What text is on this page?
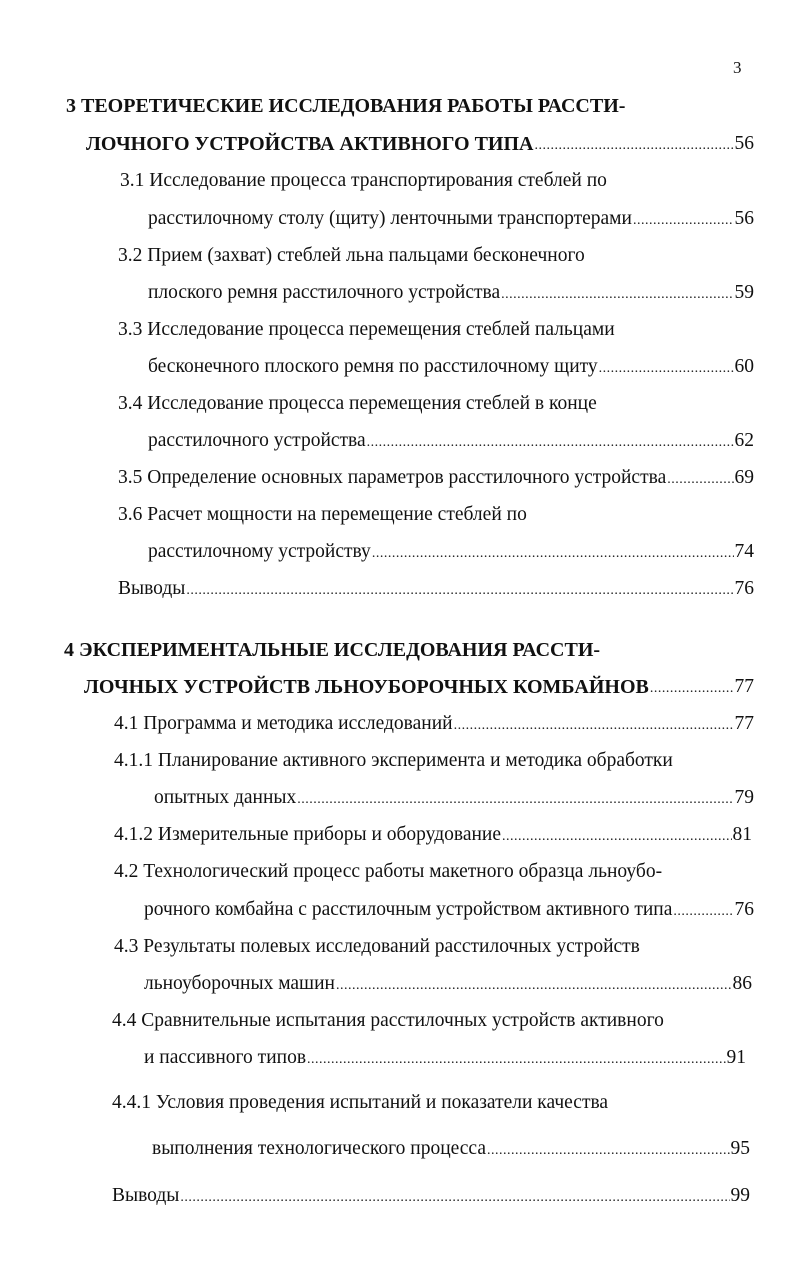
3
3 ТЕОРЕТИЧЕСКИЕ ИССЛЕДОВАНИЯ РАБОТЫ РАССТИ-
ЛОЧНОГО УСТРОЙСТВА АКТИВНОГО ТИПА .....	56
3.1 Исследование процесса транспортирования стеблей по
расстилочному столу (щиту) ленточными транспортерами .....	56
3.2 Прием (захват) стеблей льна пальцами бесконечного
плоского ремня расстилочного устройства .....	59
3.3 Исследование процесса перемещения стеблей пальцами
бесконечного плоского ремня по расстилочному щиту .....	60
3.4 Исследование процесса перемещения стеблей в конце
расстилочного устройства .....	62
3.5 Определение основных параметров расстилочного устройства .....	69
3.6 Расчет мощности на перемещение стеблей по
расстилочному устройству .....	74
Выводы .....	76
4 ЭКСПЕРИМЕНТАЛЬНЫЕ ИССЛЕДОВАНИЯ РАССТИ-
ЛОЧНЫХ УСТРОЙСТВ ЛЬНОУБОРОЧНЫХ КОМБАЙНОВ .....	77
4.1 Программа и методика исследований .....	77
4.1.1 Планирование активного эксперимента и методика обработки
опытных данных .....	79
4.1.2 Измерительные приборы и оборудование .....	81
4.2 Технологический процесс работы макетного образца льноубо-
рочного комбайна с расстилочным устройством активного типа .....	76
4.3 Результаты полевых исследований расстилочных устройств
льноуборочных машин .....	86
4.4 Сравнительные испытания расстилочных устройств активного
и пассивного типов .....	91
4.4.1 Условия проведения испытаний и показатели качества
выполнения технологического процесса .....	95
Выводы .....	99
